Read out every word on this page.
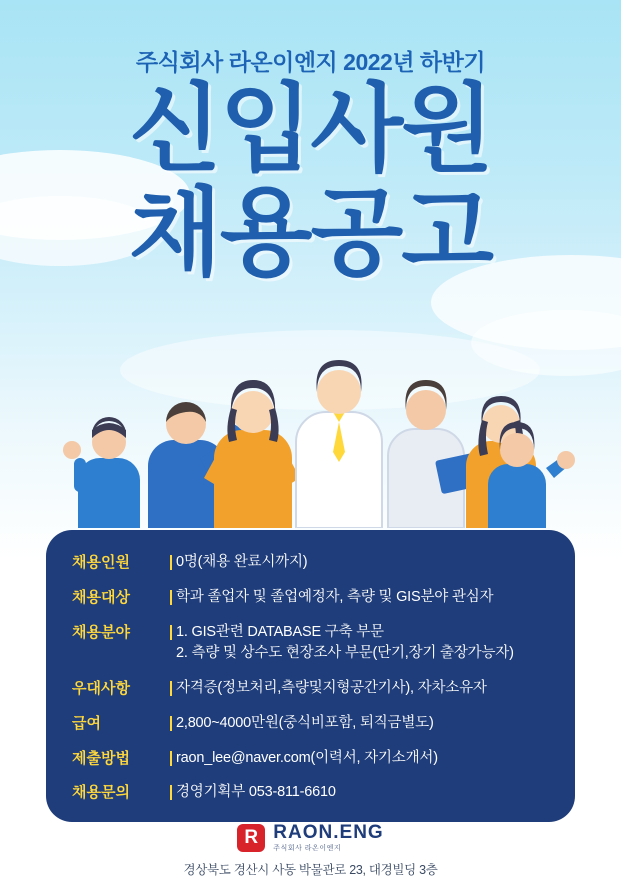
주식회사 라온이엔지 2022년 하반기
신입사원
채용공고
채용인원	0명(채용 완료시까지)
채용대상	학과 졸업자 및 졸업예정자, 측량 및 GIS분야 관심자
채용분야	1. GIS관련 DATABASE 구축 부문
2. 측량 및 상수도 현장조사 부문(단기,장기 출장가능자)
우대사항	자격증(정보처리,측량및지형공간기사), 자차소유자
급여	2,800~4000만원(중식비포함, 퇴직금별도)
제출방법	raon_lee@naver.com(이력서, 자기소개서)
채용문의	경영기획부 053-811-6610
R RAON.ENG
주식회사 라온이엔지
경상북도 경산시 사동 박물관로 23, 대경빌딩 3층
